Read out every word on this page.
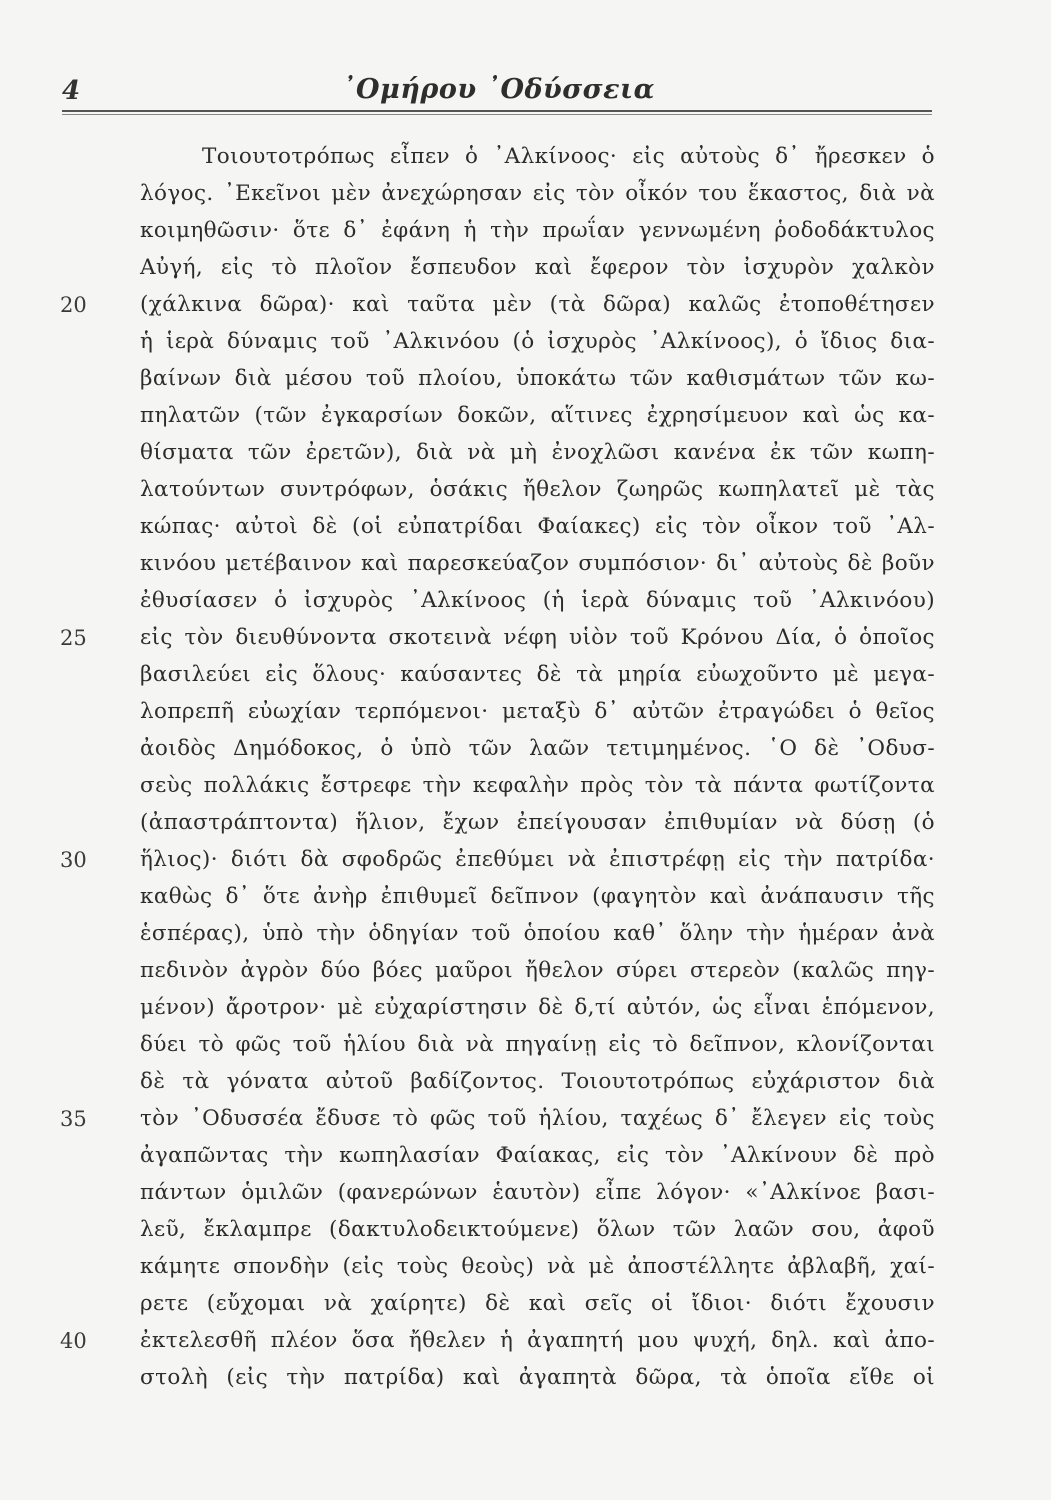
4	᾿Ομήρου ᾿Οδύσσεια
Τοιουτοτρόπως εἶπεν ὁ ᾿Αλκίνοος· εἰς αὐτοὺς δ᾿ ἤρεσκεν ὁ
λόγος. ᾿Εκεῖνοι μὲν ἀνεχώρησαν εἰς τὸν οἶκόν του ἕκαστος, διὰ νὰ
κοιμηθῶσιν· ὅτε δ᾿ ἐφάνη ἡ τὴν πρωΐαν γεννωμένη ῥοδοδάκτυλος
Αὐγή, εἰς τὸ πλοῖον ἔσπευδον καὶ ἔφερον τὸν ἰσχυρὸν χαλκὸν
(χάλκινα δῶρα)· καὶ ταῦτα μὲν (τὰ δῶρα) καλῶς ἐτοποθέτησεν
ἡ ἱερὰ δύναμις τοῦ ᾿Αλκινόου (ὁ ἰσχυρὸς ᾿Αλκίνοος), ὁ ἴδιος δια-
βαίνων διὰ μέσου τοῦ πλοίου, ὑποκάτω τῶν καθισμάτων τῶν κω-
πηλατῶν (τῶν ἐγκαρσίων δοκῶν, αἵτινες ἐχρησίμευον καὶ ὡς κα-
θίσματα τῶν ἐρετῶν), διὰ νὰ μὴ ἐνοχλῶσι κανένα ἐκ τῶν κωπη-
λατούντων συντρόφων, ὁσάκις ἤθελον ζωηρῶς κωπηλατεῖ μὲ τὰς
κώπας· αὐτοὶ δὲ (οἱ εὐπατρίδαι Φαίακες) εἰς τὸν οἶκον τοῦ ᾿Αλ-
κινόου μετέβαινον καὶ παρεσκεύαζον συμπόσιον· δι᾿ αὐτοὺς δὲ βοῦν
ἐθυσίασεν ὁ ἰσχυρὸς ᾿Αλκίνοος (ἡ ἱερὰ δύναμις τοῦ ᾿Αλκινόου)
εἰς τὸν διευθύνοντα σκοτεινὰ νέφη υἱὸν τοῦ Κρόνου Δία, ὁ ὁποῖος
βασιλεύει εἰς ὅλους· καύσαντες δὲ τὰ μηρία εὐωχοῦντο μὲ μεγα-
λοπρεπῆ εὐωχίαν τερπόμενοι· μεταξὺ δ᾿ αὐτῶν ἐτραγώδει ὁ θεῖος
ἀοιδὸς Δημόδοκος, ὁ ὑπὸ τῶν λαῶν τετιμημένος. ῾Ο δὲ ᾿Οδυσ-
σεὺς πολλάκις ἔστρεφε τὴν κεφαλὴν πρὸς τὸν τὰ πάντα φωτίζοντα
(ἀπαστράπτοντα) ἥλιον, ἔχων ἐπείγουσαν ἐπιθυμίαν νὰ δύσῃ (ὁ
ἥλιος)· διότι δὰ σφοδρῶς ἐπεθύμει νὰ ἐπιστρέφῃ εἰς τὴν πατρίδα·
καθὼς δ᾿ ὅτε ἀνὴρ ἐπιθυμεῖ δεῖπνον (φαγητὸν καὶ ἀνάπαυσιν τῆς
ἑσπέρας), ὑπὸ τὴν ὁδηγίαν τοῦ ὁποίου καθ᾿ ὅλην τὴν ἡμέραν ἀνὰ
πεδινὸν ἀγρὸν δύο βόες μαῦροι ἤθελον σύρει στερεὸν (καλῶς πηγ-
μένον) ἄροτρον· μὲ εὐχαρίστησιν δὲ δ,τί αὐτόν, ὡς εἶναι ἑπόμενον,
δύει τὸ φῶς τοῦ ἡλίου διὰ νὰ πηγαίνῃ εἰς τὸ δεῖπνον, κλονίζονται
δὲ τὰ γόνατα αὐτοῦ βαδίζοντος. Τοιουτοτρόπως εὐχάριστον διὰ
τὸν ᾿Οδυσσέα ἔδυσε τὸ φῶς τοῦ ἡλίου, ταχέως δ᾿ ἔλεγεν εἰς τοὺς
ἀγαπῶντας τὴν κωπηλασίαν Φαίακας, εἰς τὸν ᾿Αλκίνουν δὲ πρὸ
πάντων ὁμιλῶν (φανερώνων ἑαυτὸν) εἶπε λόγον· «᾿Αλκίνοε βασι-
λεῦ, ἔκλαμπρε (δακτυλοδεικτούμενε) ὅλων τῶν λαῶν σου, ἀφοῦ
κάμητε σπονδὴν (εἰς τοὺς θεοὺς) νὰ μὲ ἀποστέλλητε ἀβλαβῆ, χαί-
ρετε (εὔχομαι νὰ χαίρητε) δὲ καὶ σεῖς οἱ ἴδιοι· διότι ἔχουσιν
ἐκτελεσθῆ πλέον ὅσα ἤθελεν ἡ ἀγαπητή μου ψυχή, δηλ. καὶ ἀπο-
στολὴ (εἰς τὴν πατρίδα) καὶ ἀγαπητὰ δῶρα, τὰ ὁποῖα εἴθε οἱ
20
25
30
35
40
